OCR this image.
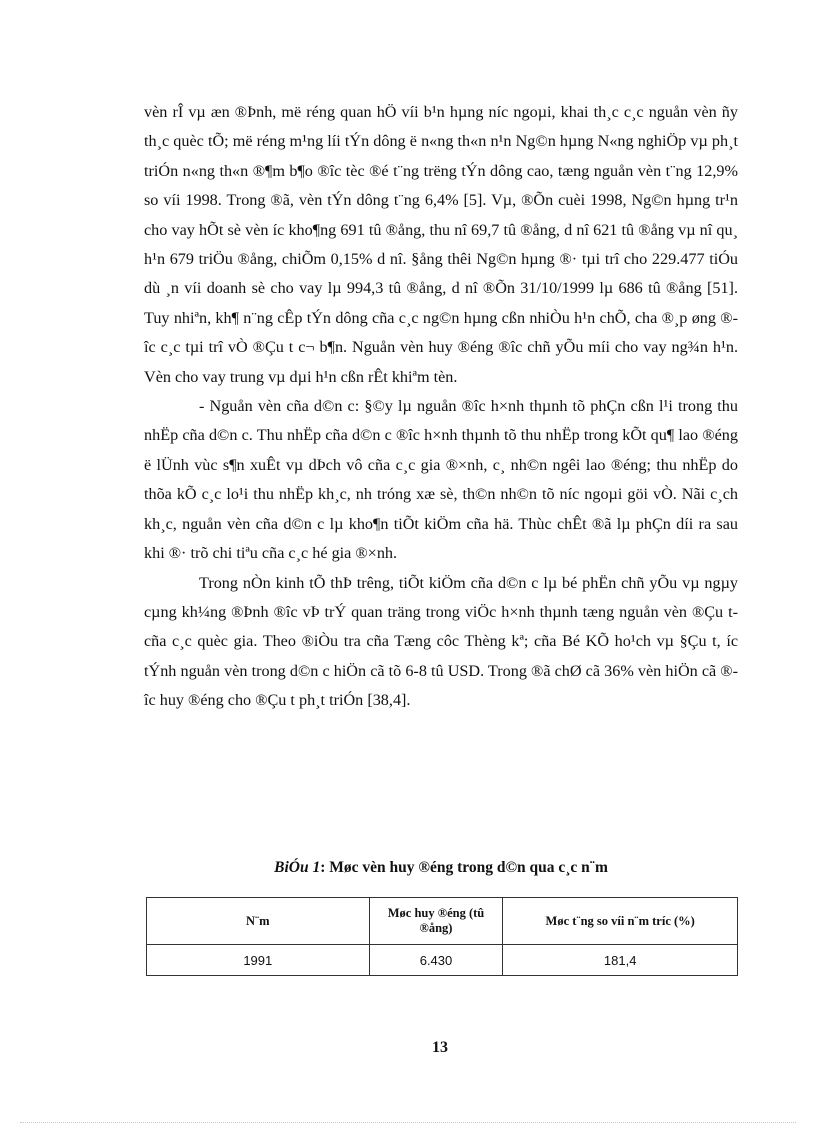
vèn rÎ vµ æn ®Þnh, më réng quan hÖ víi b¹n hµng níc ngoµi, khai th¸c c¸c nguån vèn ñy th¸c quèc tÕ; më réng m¹ng líi tÝn dông ë n«ng th«n n¹n Ng©n hµng N«ng nghiÖp vµ ph¸t triÓn n«ng th«n ®¶m b¶o ®îc tèc ®é t¨ng trëng tÝn dông cao, tæng nguån vèn t¨ng 12,9% so víi 1998. Trong ®ã, vèn tÝn dông t¨ng 6,4% [5]. Vµ, ®Õn cuèi 1998, Ng©n hµng tr¹n cho vay hÕt sè vèn íc kho¶ng 691 tû ®ång, thu nî 69,7 tû ®ång, d nî 621 tû ®ång vµ nî qu¸ h¹n 679 triÖu ®ång, chiÕm 0,15% d nî. §ång thêi Ng©n hµng ®· tµi trî cho 229.477 tiÓu dù ¸n víi doanh sè cho vay lµ 994,3 tû ®ång, d nî ®Õn 31/10/1999 lµ 686 tû ®ång [51]. Tuy nhiªn, kh¶ n¨ng cÊp tÝn dông cña c¸c ng©n hµng cßn nhiÒu h¹n chÕ, cha ®¸p øng ®îc c¸c tµi trî vÒ ®Çu t c¬ b¶n. Nguån vèn huy ®éng ®îc chñ yÕu míi cho vay ng¾n h¹n. Vèn cho vay trung vµ dµi h¹n cßn rÊt khiªm tèn.

- Nguån vèn cña d©n c: §©y lµ nguån ®îc h×nh thµnh tõ phÇn cßn l¹i trong thu nhËp cña d©n c. Thu nhËp cña d©n c ®îc h×nh thµnh tõ thu nhËp trong kÕt qu¶ lao ®éng ë lÜnh vùc s¶n xuÊt vµ dÞch vô cña c¸c gia ®×nh, c¸ nh©n ngêi lao ®éng; thu nhËp do thõa kÕ c¸c lo¹i thu nhËp kh¸c, nh tróng xæ sè, th©n nh©n tõ níc ngoµi göi vÒ. Nãi c¸ch kh¸c, nguån vèn cña d©n c lµ kho¶n tiÕt kiÖm cña hä. Thùc chÊt ®ã lµ phÇn díi ra sau khi ®· trõ chi tiªu cña c¸c hé gia ®×nh.

Trong nÒn kinh tÕ thÞ trêng, tiÕt kiÖm cña d©n c lµ bé phËn chñ yÕu vµ ngµy cµng kh¼ng ®Þnh ®îc vÞ trÝ quan träng trong viÖc h×nh thµnh tæng nguån vèn ®Çu t cña c¸c quèc gia. Theo ®iÒu tra cña Tæng côc Thèng kª; cña Bé KÕ ho¹ch vµ §Çu t, íc tÝnh nguån vèn trong d©n c hiÖn cã tõ 6-8 tû USD. Trong ®ã chØ cã 36% vèn hiÖn cã ®îc huy ®éng cho ®Çu t ph¸t triÓn [38,4].

BiÓu 1: Møc vèn huy ®éng trong d©n qua c¸c n¨m
N¨m	Møc huy ®éng (tû ®ång)	Møc t¨ng so víi n¨m tríc (%)
1991	6.430	181,4
13
